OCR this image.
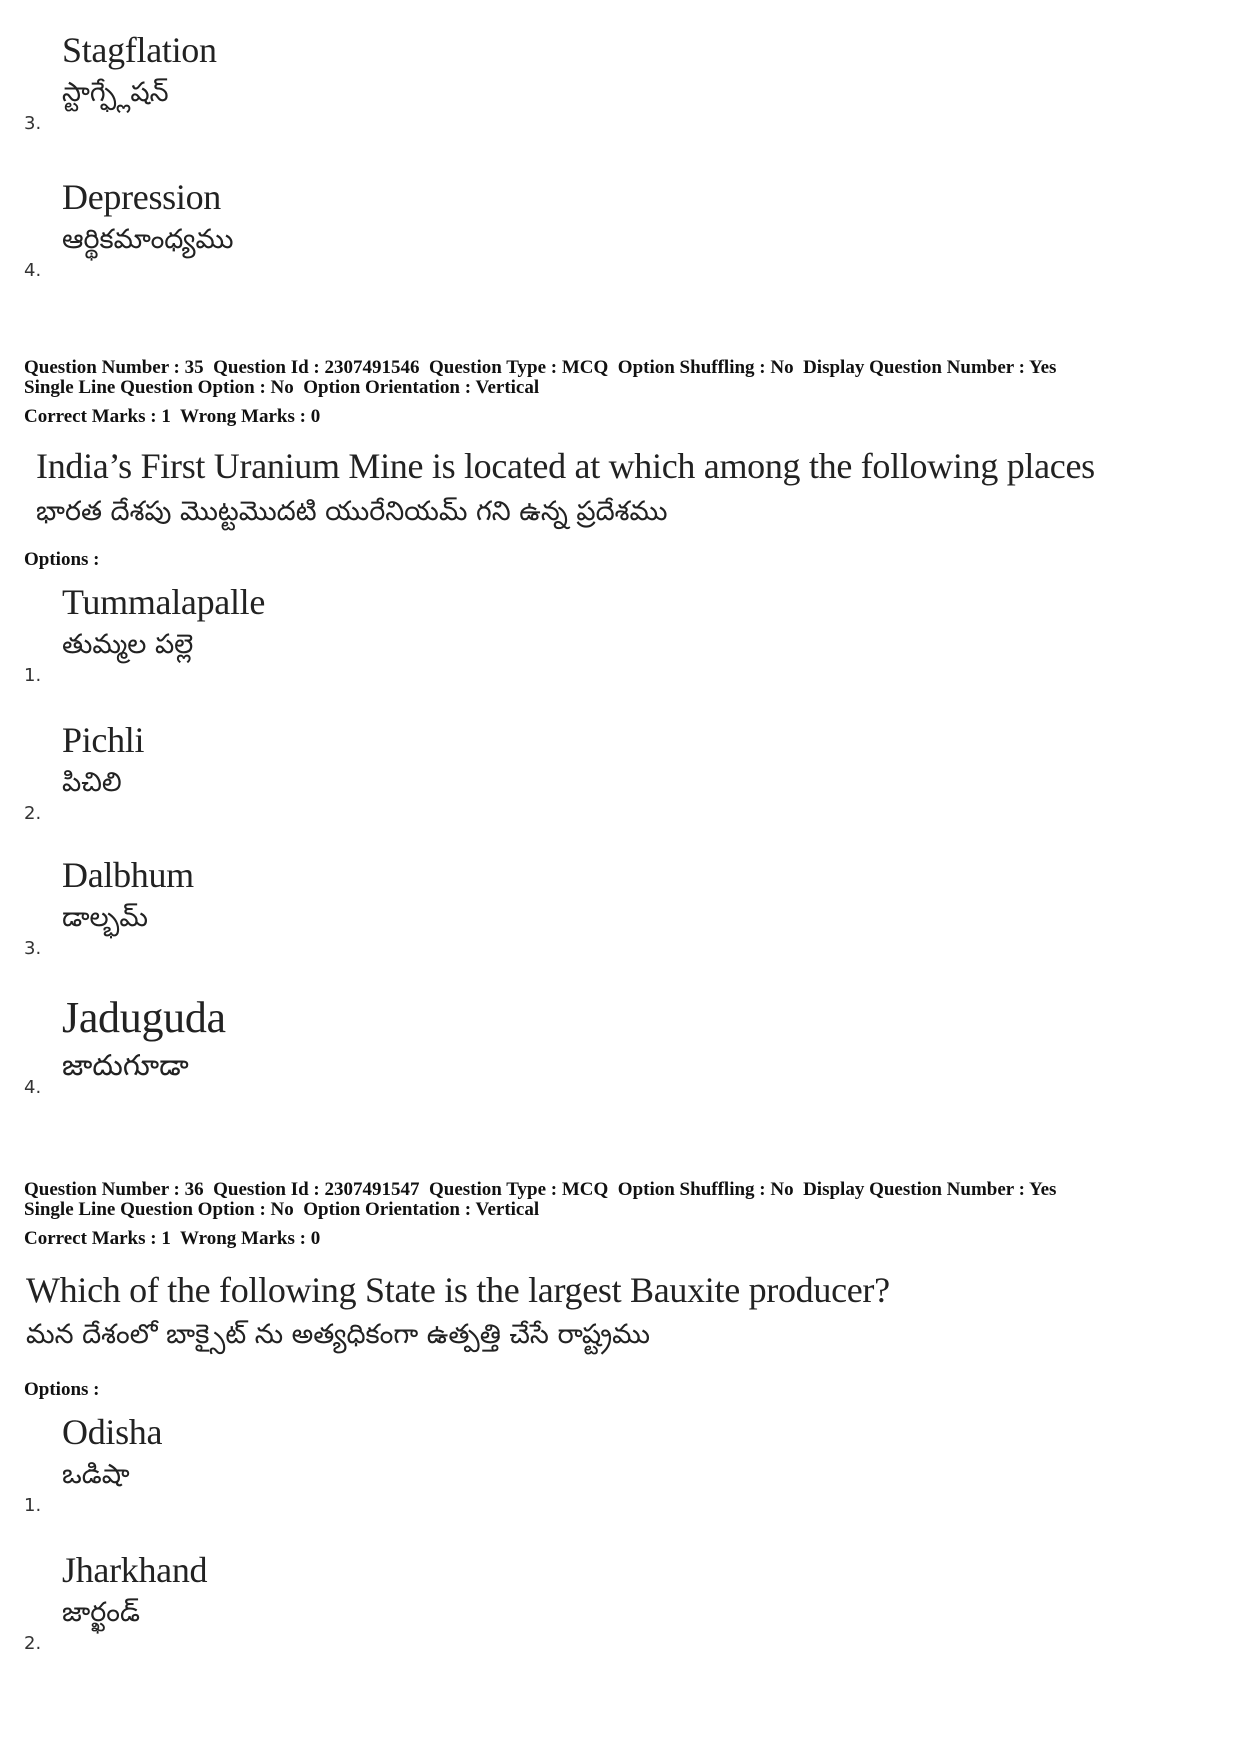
Stagflation
స్టాగ్ఫ్లేషన్
3.
Depression
ఆర్థికమాంధ్యము
4.
Question Number : 35  Question Id : 2307491546  Question Type : MCQ  Option Shuffling : No  Display Question Number : Yes
Single Line Question Option : No  Option Orientation : Vertical
Correct Marks : 1  Wrong Marks : 0
India’s First Uranium Mine is located at which among the following places
భారత దేశపు మొట్టమొదటి యురేనియమ్ గని ఉన్న ప్రదేశము
Options :
Tummalapalle
తుమ్మల పల్లె
1.
Pichli
పిచిలి
2.
Dalbhum
డాల్భమ్
3.
Jaduguda
జాదుగూడా
4.
Question Number : 36  Question Id : 2307491547  Question Type : MCQ  Option Shuffling : No  Display Question Number : Yes
Single Line Question Option : No  Option Orientation : Vertical
Correct Marks : 1  Wrong Marks : 0
Which of the following State is the largest Bauxite producer?
మన దేశంలో బాక్సైట్ ను అత్యధికంగా ఉత్పత్తి చేసే రాష్ట్రము
Options :
Odisha
ఒడిషా
1.
Jharkhand
జార్ఖండ్
2.
